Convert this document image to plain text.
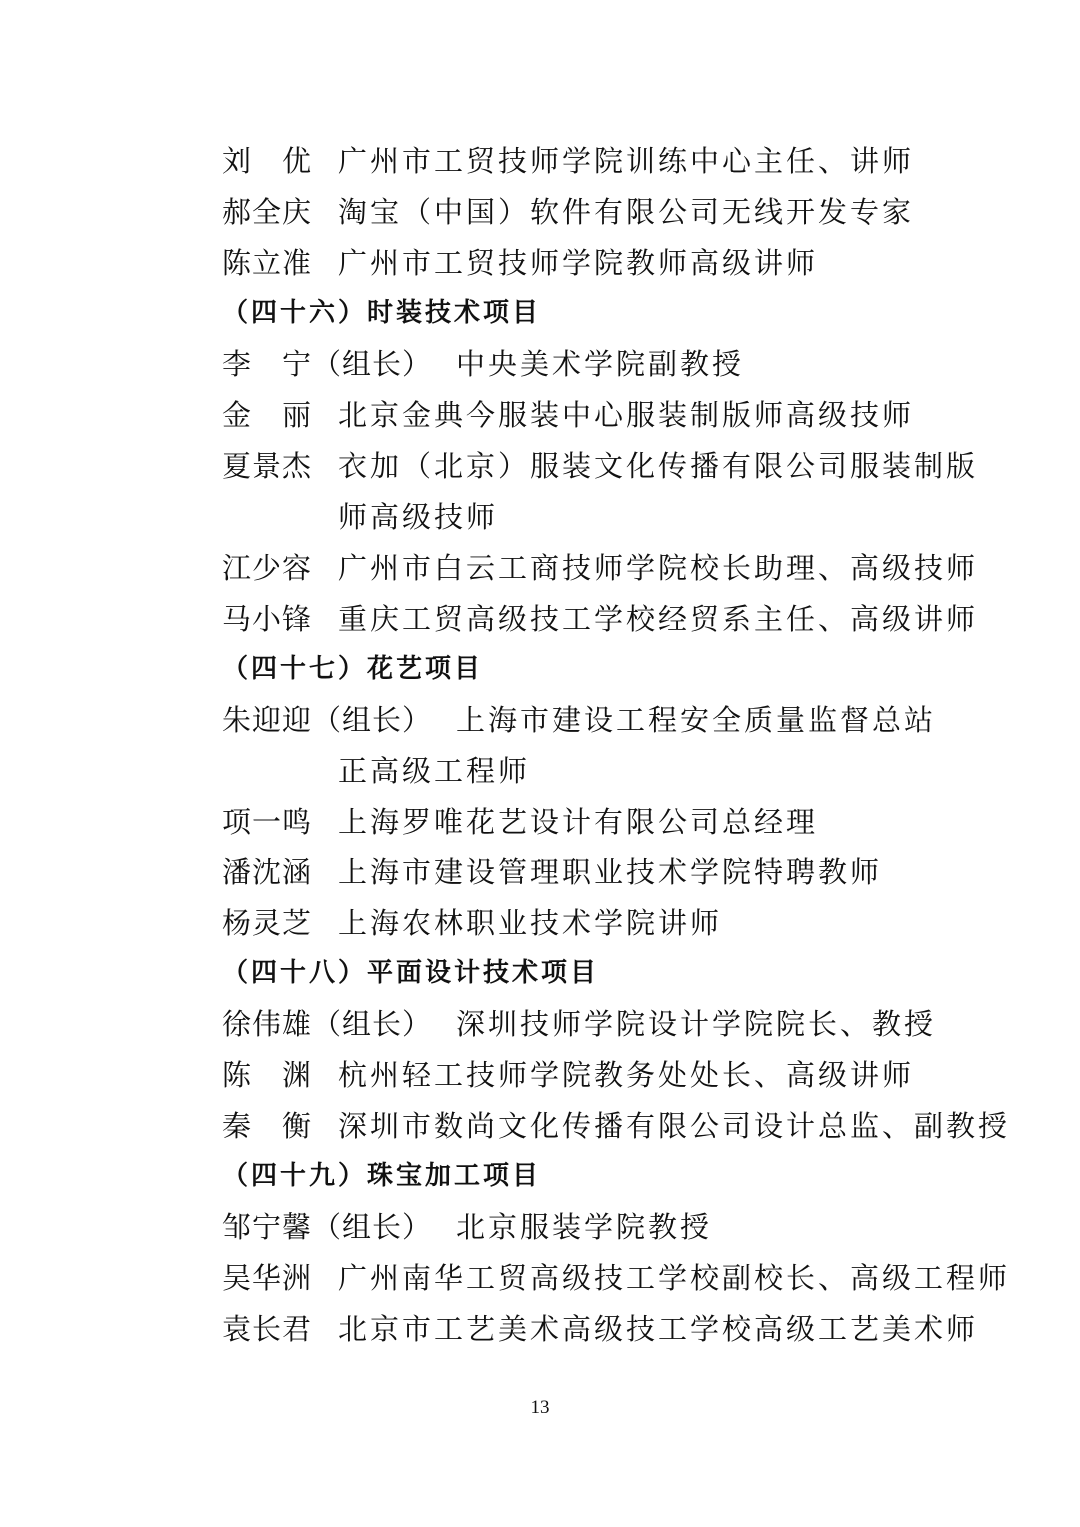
刘　优 广州市工贸技师学院训练中心主任、讲师
郝全庆 淘宝（中国）软件有限公司无线开发专家
陈立准 广州市工贸技师学院教师高级讲师
（四十六）时装技术项目
李　宁（组长） 中央美术学院副教授
金　丽 北京金典今服装中心服装制版师高级技师
夏景杰 衣加（北京）服装文化传播有限公司服装制版
师高级技师
江少容 广州市白云工商技师学院校长助理、高级技师
马小锋 重庆工贸高级技工学校经贸系主任、高级讲师
（四十七）花艺项目
朱迎迎（组长） 上海市建设工程安全质量监督总站
正高级工程师
项一鸣 上海罗唯花艺设计有限公司总经理
潘沈涵 上海市建设管理职业技术学院特聘教师
杨灵芝 上海农林职业技术学院讲师
（四十八）平面设计技术项目
徐伟雄（组长） 深圳技师学院设计学院院长、教授
陈　渊 杭州轻工技师学院教务处处长、高级讲师
秦　衡 深圳市数尚文化传播有限公司设计总监、副教授
（四十九）珠宝加工项目
邹宁馨（组长） 北京服装学院教授
吴华洲 广州南华工贸高级技工学校副校长、高级工程师
袁长君 北京市工艺美术高级技工学校高级工艺美术师
13
